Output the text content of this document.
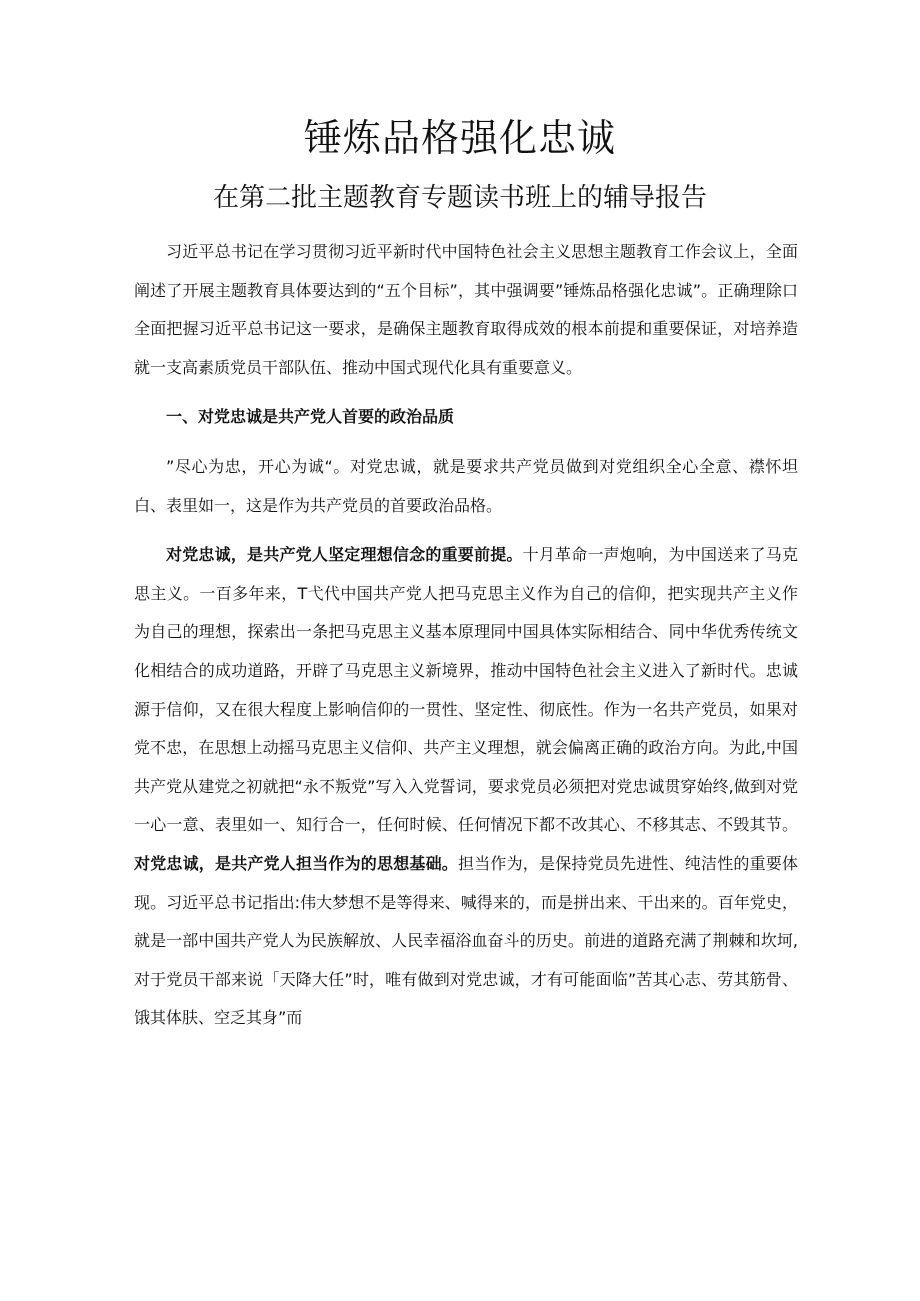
锤炼品格强化忠诚
在第二批主题教育专题读书班上的辅导报告

习近平总书记在学习贯彻习近平新时代中国特色社会主义思想主题教育工作会议上，全面阐述了开展主题教育具体要达到的“五个目标”，其中强调要”锤炼品格强化忠诚”。正确理除口全面把握习近平总书记这一要求，是确保主题教育取得成效的根本前提和重要保证，对培养造就一支高素质党员干部队伍、推动中国式现代化具有重要意义。

一、对党忠诚是共产党人首要的政治品质

”尽心为忠，开心为诚“。对党忠诚，就是要求共产党员做到对党组织全心全意、襟怀坦白、表里如一，这是作为共产党员的首要政治品格。

对党忠诚，是共产党人坚定理想信念的重要前提。十月革命一声炮响，为中国送来了马克思主义。一百多年来，T弋代中国共产党人把马克思主义作为自己的信仰，把实现共产主义作为自己的理想，探索出一条把马克思主义基本原理同中国具体实际相结合、同中华优秀传统文化相结合的成功道路，开辟了马克思主义新境界，推动中国特色社会主义进入了新时代。忠诚源于信仰，又在很大程度上影响信仰的一贯性、坚定性、彻底性。作为一名共产党员，如果对党不忠，在思想上动摇马克思主义信仰、共产主义理想，就会偏离正确的政治方向。为此,中国共产党从建党之初就把“永不叛党”写入入党誓词，要求党员必须把对党忠诚贯穿始终,做到对党一心一意、表里如一、知行合一，任何时候、任何情况下都不改其心、不移其志、不毁其节。对党忠诚，是共产党人担当作为的思想基础。担当作为，是保持党员先进性、纯洁性的重要体现。习近平总书记指出:伟大梦想不是等得来、喊得来的，而是拼出来、干出来的。百年党史，就是一部中国共产党人为民族解放、人民幸福浴血奋斗的历史。前进的道路充满了荆棘和坎坷,对于党员干部来说「天降大任”时，唯有做到对党忠诚，才有可能面临”苦其心志、劳其筋骨、饿其体肤、空乏其身”而
